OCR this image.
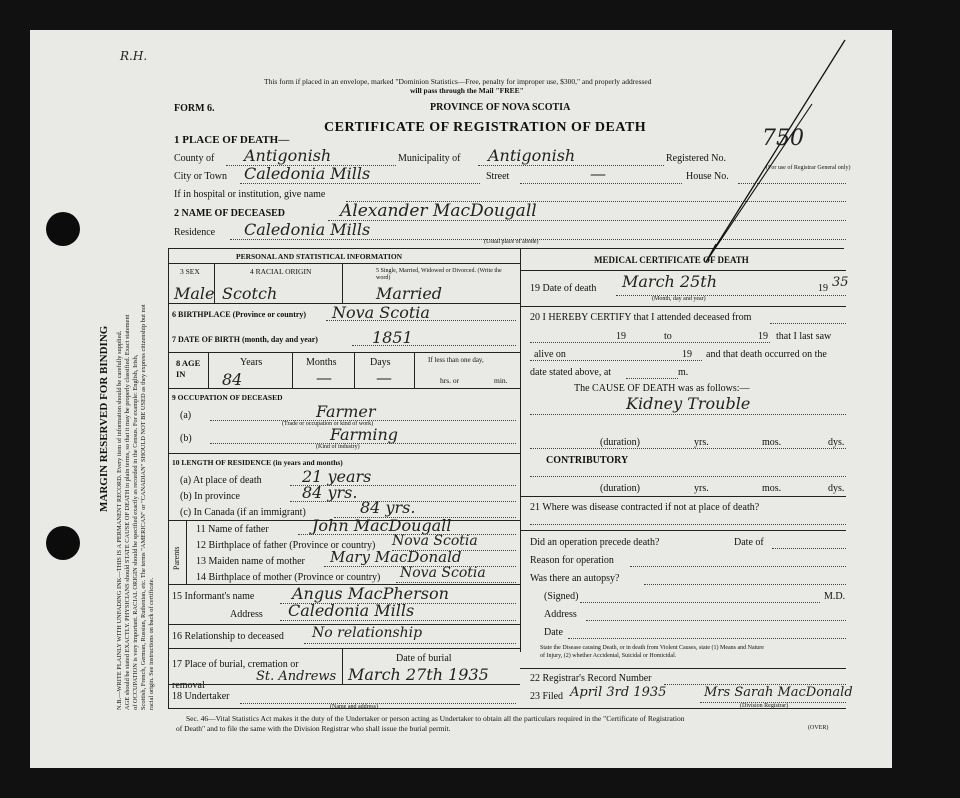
MARGIN RESERVED FOR BINDING N.B.—WRITE PLAINLY WITH UNFADING INK—THIS IS A PERMANENT RECORD. Every item of information should be carefully supplied. AGE should be stated EXACTLY. PHYSICIANS should STATE CAUSE OF DEATH in plain terms, so that it may be properly classified. Exact statement of OCCUPATION is very important. RACIAL ORIGIN should be specified exactly as recorded in the Census. For example: English, Irish, Scottish, French, German, Russian, Ruthenian, etc. The terms "AMERICAN" or "CANADIAN" SHOULD NOT BE USED as they express citizenship but not racial origin. See instructions on back of certificate.
R.H.
This form if placed in an envelope, marked "Dominion Statistics—Free, penalty for improper use, $300," and properly addressed
will pass through the Mail "FREE"
FORM 6.	PROVINCE OF NOVA SCOTIA
CERTIFICATE OF REGISTRATION OF DEATH
1 PLACE OF DEATH—
County of Antigonish	Municipality of Antigonish	Registered No.
750
(For use of Registrar General only)
City or Town Caledonia Mills	Street	—	House No.
If in hospital or institution, give name
2 NAME OF DECEASED	Alexander MacDougall
Residence Caledonia Mills
(Usual place of abode)
PERSONAL AND STATISTICAL INFORMATION
3 SEX	4 RACIAL ORIGIN	5 Single, Married, Widowed or Divorced. (Write the word)
Male Scotch	Married
6 BIRTHPLACE (Province or country) Nova Scotia
7 DATE OF BIRTH (month, day and year)	1851
8 AGE IN
Years	Months	Days	If less than one day,
84	—	—	hrs. or	min.
9 OCCUPATION OF DECEASED
(a)	Farmer
(Trade or occupation or kind of work)
(b)	Farming
(Kind of industry)
10 LENGTH OF RESIDENCE (in years and months)
(a) At place of death	21 years
(b) In province	84 yrs.
(c) In Canada (if an immigrant)	84 yrs.
Parents
11 Name of father	John MacDougall
12 Birthplace of father (Province or country) Nova Scotia
13 Maiden name of mother Mary MacDonald
14 Birthplace of mother (Province or country) Nova Scotia
15 Informant's name Angus MacPherson
Address Caledonia Mills
16 Relationship to deceased No relationship
17 Place of burial, cremation or removal
St. Andrews
Date of burial
March 27th 1935
18 Undertaker
(Name and address)
MEDICAL CERTIFICATE OF DEATH
19 Date of death March 25th	19 35
(Month, day and year)
20 I HEREBY CERTIFY that I attended deceased from
19	to	19 that I last saw
alive on	19 and that death occurred on the
date stated above, at	m.
The CAUSE OF DEATH was as follows:—
Kidney Trouble
(duration)	yrs.	mos.	dys.
CONTRIBUTORY
(duration)	yrs.	mos.	dys.
21 Where was disease contracted if not at place of death?
Did an operation precede death?	Date of
Reason for operation
Was there an autopsy?
(Signed)	M.D.
Address
Date
State the Disease causing Death, or in death from Violent Causes, state (1) Means and Nature
of Injury, (2) whether Accidental, Suicidal or Homicidal.
22 Registrar's Record Number
23 Filed April 3rd 1935	Mrs Sarah MacDonald
(Division Registrar)
Sec. 46—Vital Statistics Act makes it the duty of the Undertaker or person acting as Undertaker to obtain all the particulars required in the "Certificate of Registration
of Death" and to file the same with the Division Registrar who shall issue the burial permit.	(OVER)
